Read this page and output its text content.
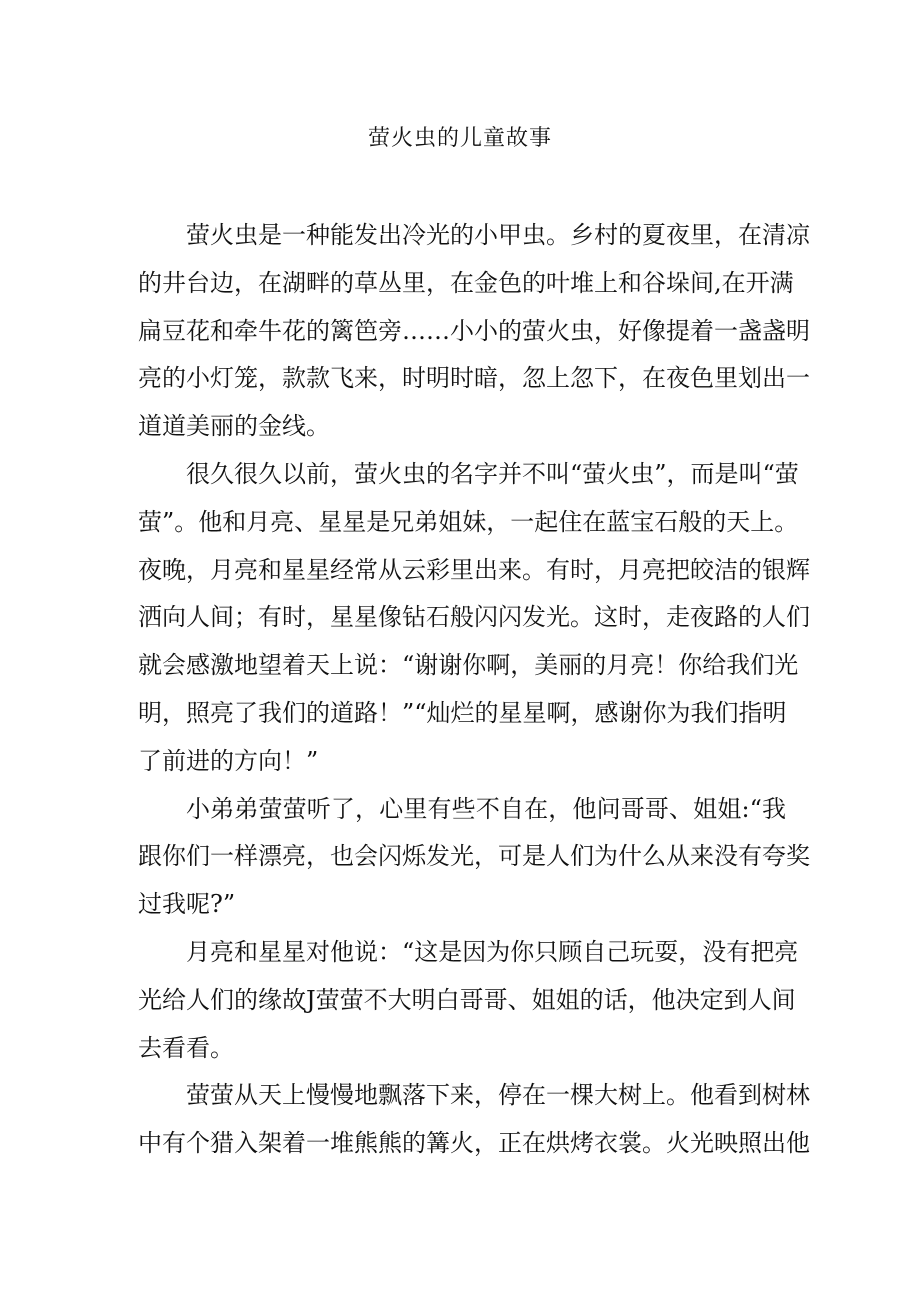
萤火虫的儿童故事
萤火虫是一种能发出冷光的小甲虫。乡村的夏夜里，在清凉
的井台边，在湖畔的草丛里，在金色的叶堆上和谷垛间,在开满
扁豆花和牵牛花的篱笆旁……小小的萤火虫，好像提着一盏盏明
亮的小灯笼，款款飞来，时明时暗，忽上忽下，在夜色里划出一
道道美丽的金线。
很久很久以前，萤火虫的名字并不叫“萤火虫”，而是叫“萤
萤”。他和月亮、星星是兄弟姐妹，一起住在蓝宝石般的天上。
夜晚，月亮和星星经常从云彩里出来。有时，月亮把皎洁的银辉
洒向人间；有时，星星像钻石般闪闪发光。这时，走夜路的人们
就会感激地望着天上说：“谢谢你啊，美丽的月亮！你给我们光
明，照亮了我们的道路！”“灿烂的星星啊，感谢你为我们指明
了前进的方向！”
小弟弟萤萤听了，心里有些不自在，他问哥哥、姐姐:“我
跟你们一样漂亮，也会闪烁发光，可是人们为什么从来没有夸奖
过我呢?”
月亮和星星对他说：“这是因为你只顾自己玩耍，没有把亮
光给人们的缘故J萤萤不大明白哥哥、姐姐的话，他决定到人间
去看看。
萤萤从天上慢慢地飘落下来，停在一棵大树上。他看到树林
中有个猎入架着一堆熊熊的篝火，正在烘烤衣裳。火光映照出他
